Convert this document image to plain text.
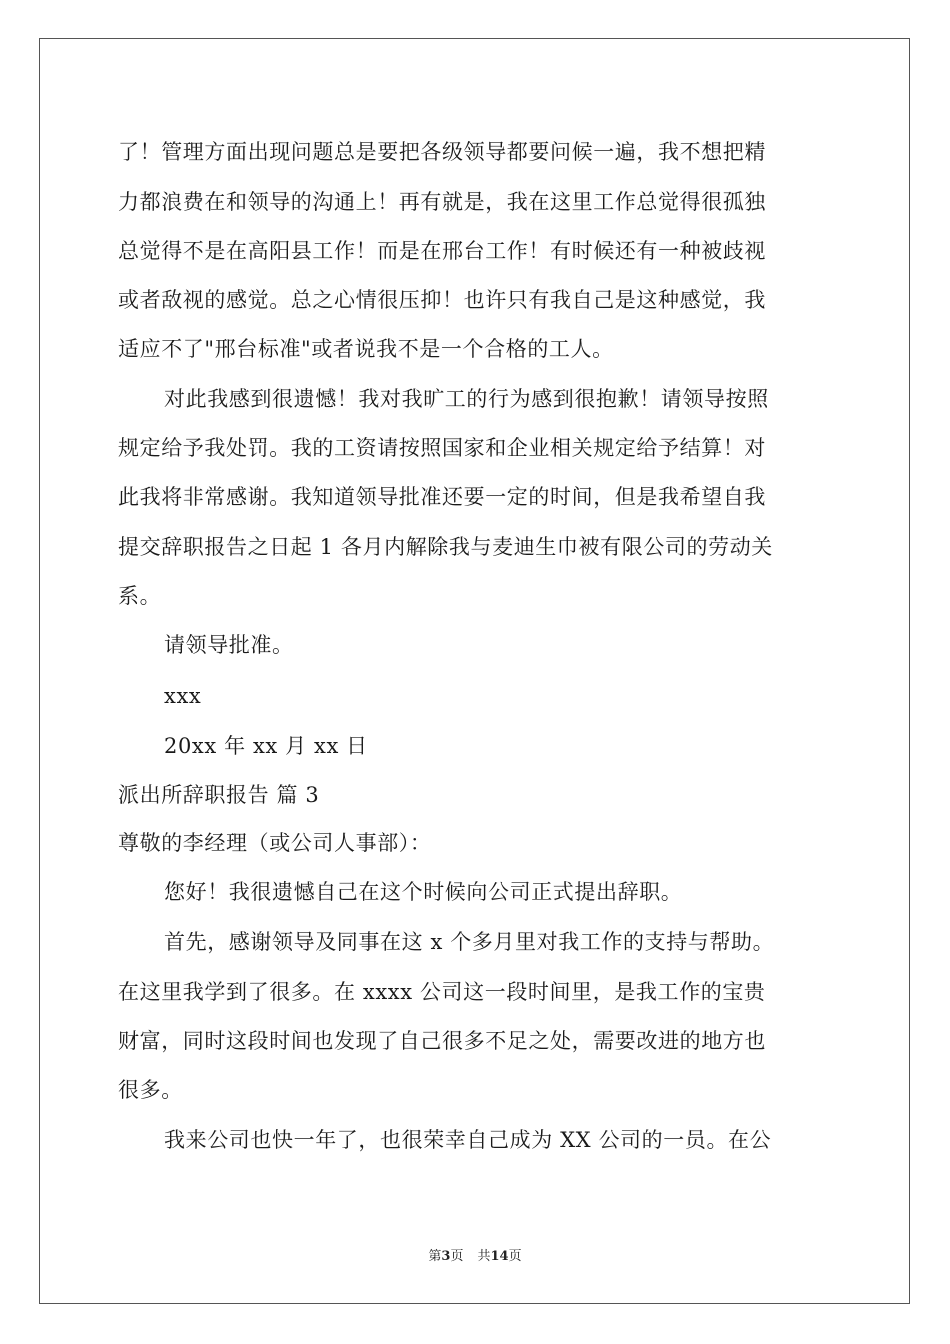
了！管理方面出现问题总是要把各级领导都要问候一遍，我不想把精
力都浪费在和领导的沟通上！再有就是，我在这里工作总觉得很孤独
总觉得不是在高阳县工作！而是在邢台工作！有时候还有一种被歧视
或者敌视的感觉。总之心情很压抑！也许只有我自己是这种感觉，我
适应不了"邢台标准"或者说我不是一个合格的工人。
对此我感到很遗憾！我对我旷工的行为感到很抱歉！请领导按照
规定给予我处罚。我的工资请按照国家和企业相关规定给予结算！对
此我将非常感谢。我知道领导批准还要一定的时间，但是我希望自我
提交辞职报告之日起 1 各月内解除我与麦迪生巾被有限公司的劳动关
系。
请领导批准。
xxx
20xx 年 xx 月 xx 日
派出所辞职报告 篇 3
尊敬的李经理（或公司人事部）：
您好！我很遗憾自己在这个时候向公司正式提出辞职。
首先，感谢领导及同事在这 x 个多月里对我工作的支持与帮助。
在这里我学到了很多。在 xxxx 公司这一段时间里，是我工作的宝贵
财富，同时这段时间也发现了自己很多不足之处，需要改进的地方也
很多。
我来公司也快一年了，也很荣幸自己成为 XX 公司的一员。在公
第3页 共14页
